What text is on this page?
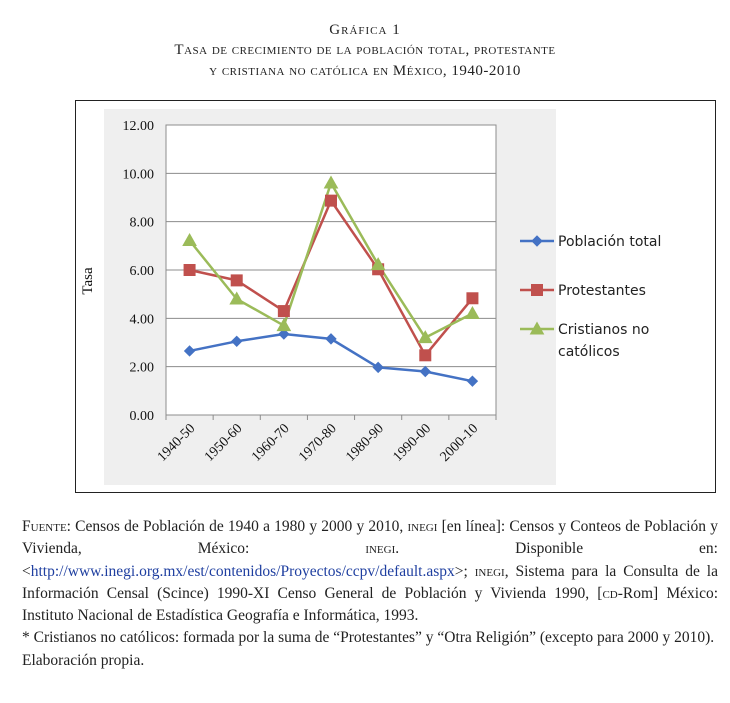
Gráfica 1
Tasa de crecimiento de la población total, protestante
y cristiana no católica en México, 1940-2010
0.00
2.00
4.00
6.00
8.00
10.00
12.00
Tasa
1940-50 1950-60 1960-70 1970-80 1980-90 1990-00 2000-10
Población total
Protestantes
Cristianos no
católicos

Fuente: Censos de Población de 1940 a 1980 y 2000 y 2010, inegi [en línea]: Censos y Conteos de Población y Vivienda, México: inegi. Disponible en: <http://www.inegi.org.mx/est/contenidos/Proyectos/ccpv/default.aspx>; inegi, Sistema para la Consulta de la Información Censal (Scince) 1990-XI Censo General de Población y Vivienda 1990, [cd-Rom] México: Instituto Nacional de Estadística Geografía e Informática, 1993.

* Cristianos no católicos: formada por la suma de “Protestantes” y “Otra Religión” (excepto para 2000 y 2010).

Elaboración propia.
